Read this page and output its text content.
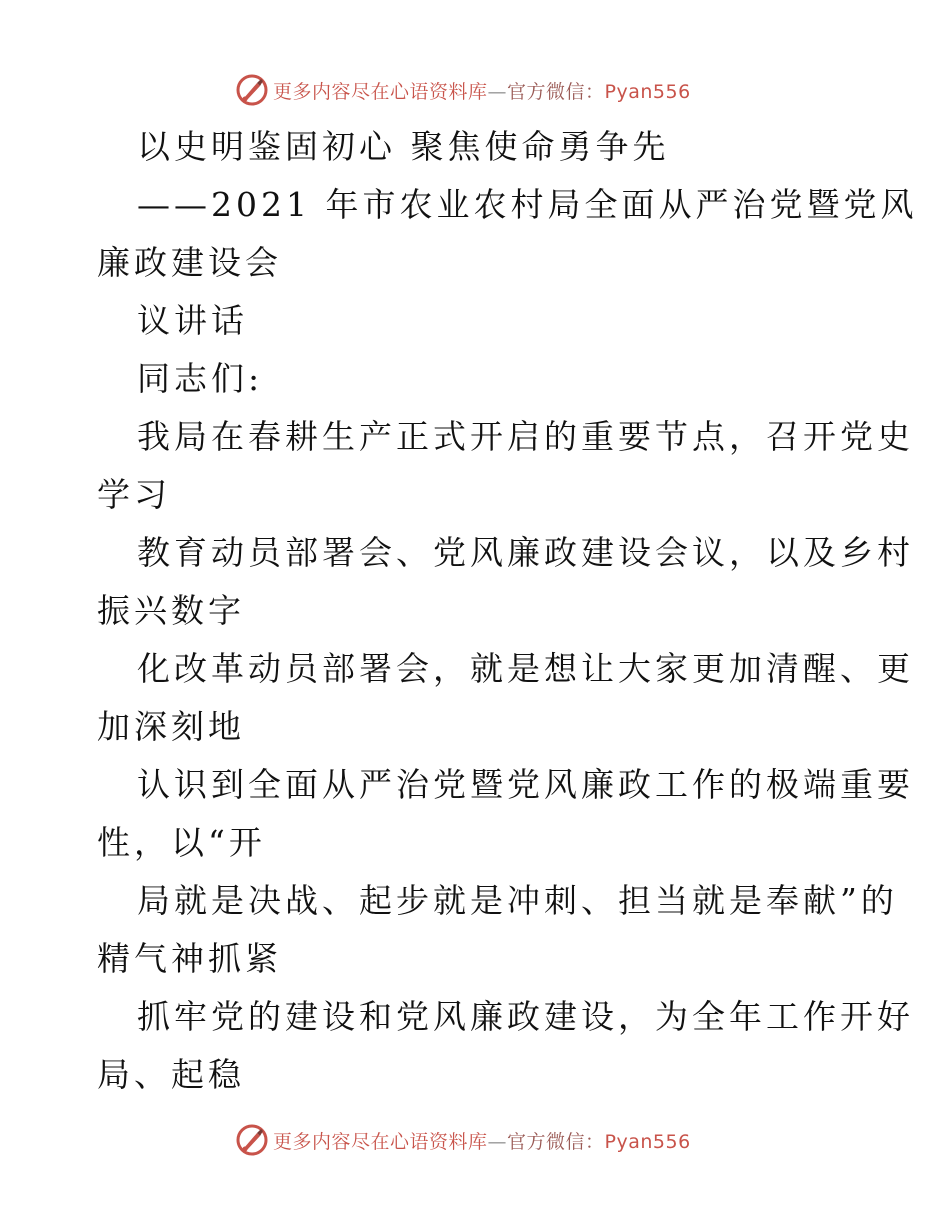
更多内容尽在心语资料库—官方微信：Pyan556
以史明鉴固初心 聚焦使命勇争先
——2021 年市农业农村局全面从严治党暨党风
廉政建设会
议讲话
同志们:
我局在春耕生产正式开启的重要节点，召开党史
学习
教育动员部署会、党风廉政建设会议，以及乡村
振兴数字
化改革动员部署会，就是想让大家更加清醒、更
加深刻地
认识到全面从严治党暨党风廉政工作的极端重要
性，以“开
局就是决战、起步就是冲刺、担当就是奉献”的
精气神抓紧
抓牢党的建设和党风廉政建设，为全年工作开好
局、起稳
更多内容尽在心语资料库—官方微信：Pyan556
